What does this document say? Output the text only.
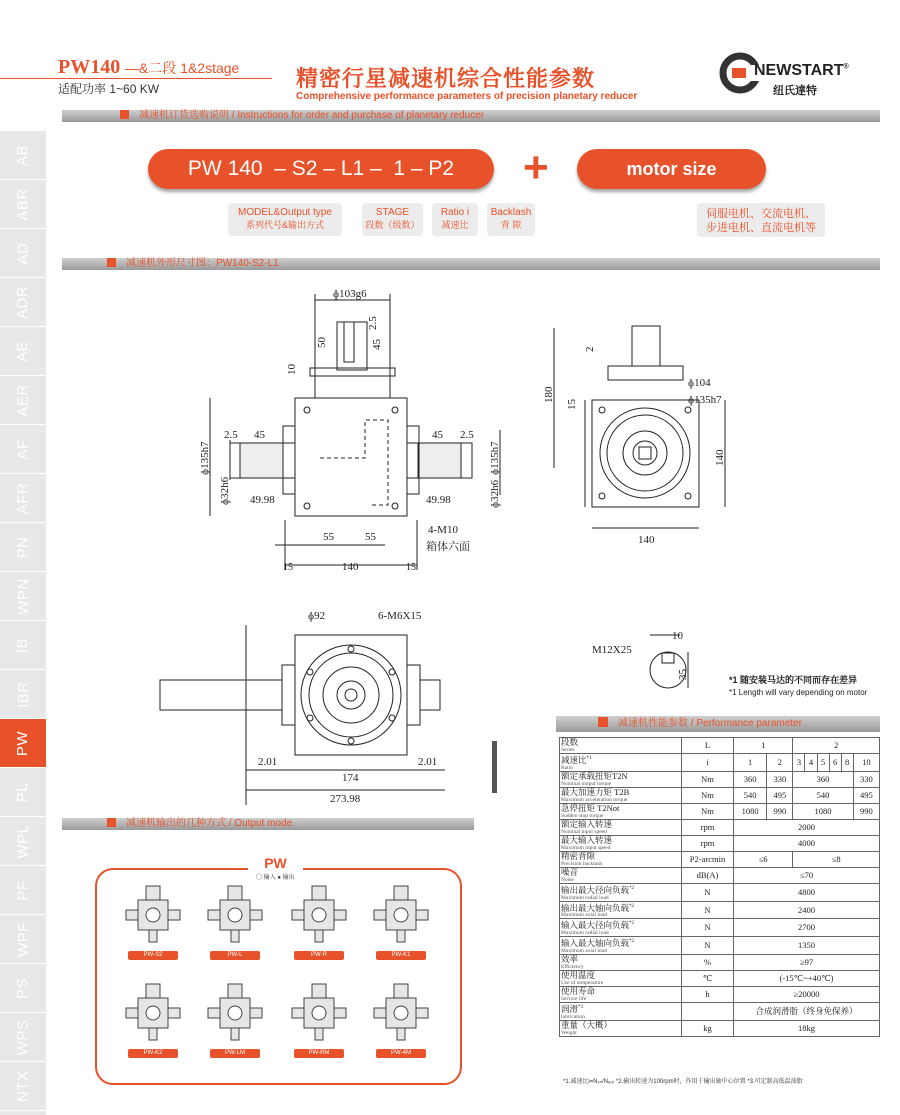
PW140 —&二段 1&2stage
适配功率 1~60 KW	精密行星减速机综合性能参数
Comprehensive performance parameters of precision planetary reducer
NEWSTART®
纽氏達特
减速机订货选购说明 / Instructions for order and purchase of planetary reducer
PW 140  – S2 – L1 –  1 – P2	+	motor size
MODEL&Output type
系列代号&输出方式
STAGE
段数（级数）
Ratio i
减速比
Backlash
背 隙
伺服电机、交流电机、
步进电机、直流电机等
减速机外形尺寸图：PW140-S2-L1
ɸ103g6
2.5
50	45
10
ɸ135h7
ɸ32h6
2.5 45	45 2.5
49.98	49.98
55	55
15	140	15
4-M10
箱体六面
ɸ135h7
ɸ32h6
2
180
15
ɸ104
ɸ135h7
140
140
ɸ92	6-M6X15
2.01	2.01
174
273.98
10
M12X25
35	*1 随安装马达的不同而存在差异
*1 Length will vary depending on motor
减速机性能参数 / Performance parameter
段数
Series	L	1		2					
减速比$^{*1}$
Ratio	i	1	2	3	4	5	6	8	10
额定承载扭矩T2N
Nominal output torque	Nm	360	330	360					330
最大加速力矩 T2B
Maximum acceleration torque	Nm	540	495	540					495
急停扭矩 T2Not
Sudden stop torque	Nm	1080	990	1080					990
额定输入转速
Nominal input speed	rpm	2000							
最大输入转速
Maximum input speed	rpm	4000							
精密背隙
Precision backlash	P2-arcmin	≤6		≤8					
噪音
Noise	dB(A)	≤70							
输出最大径向负载$^{*2}$
Maximum radial load	N	4800							
输出最大轴向负载$^{*2}$
Maximum axial load	N	2400							
输入最大径向负载$^{*2}$
Maximum radial load	N	2700							
输入最大轴向负载$^{*2}$
Maximum axial load	N	1350							
效率
Efficiency	%	≥97							
使用温度
Use of temperature	℃	(-15℃~+40℃)							
使用寿命
Service life	h	≥20000							
润滑$^{*3}$
lubrication		合成润滑脂（终身免保养）							
重量（大概）
Weight	kg	18kg							
*1.减速比i=N₁ₙ/Nₒᵤₜ *2.输出转速为100rpm时，作用于输出轴中心位置 *3.可定制高低温油脂
减速机输出的几种方式 / Output mode
PW
◯ 输入 ● 输出
PW-S2	PW-L	PW-R	PW-K1
PW-K2	PW-LM	PW-RM	PW-4M
AB
ABR
AD
ADR
AE
AER
AF
AFR
PN
WPN
IB
IBR
PW
PL
WPL
PF
WPF
PS
WPS
NTX
